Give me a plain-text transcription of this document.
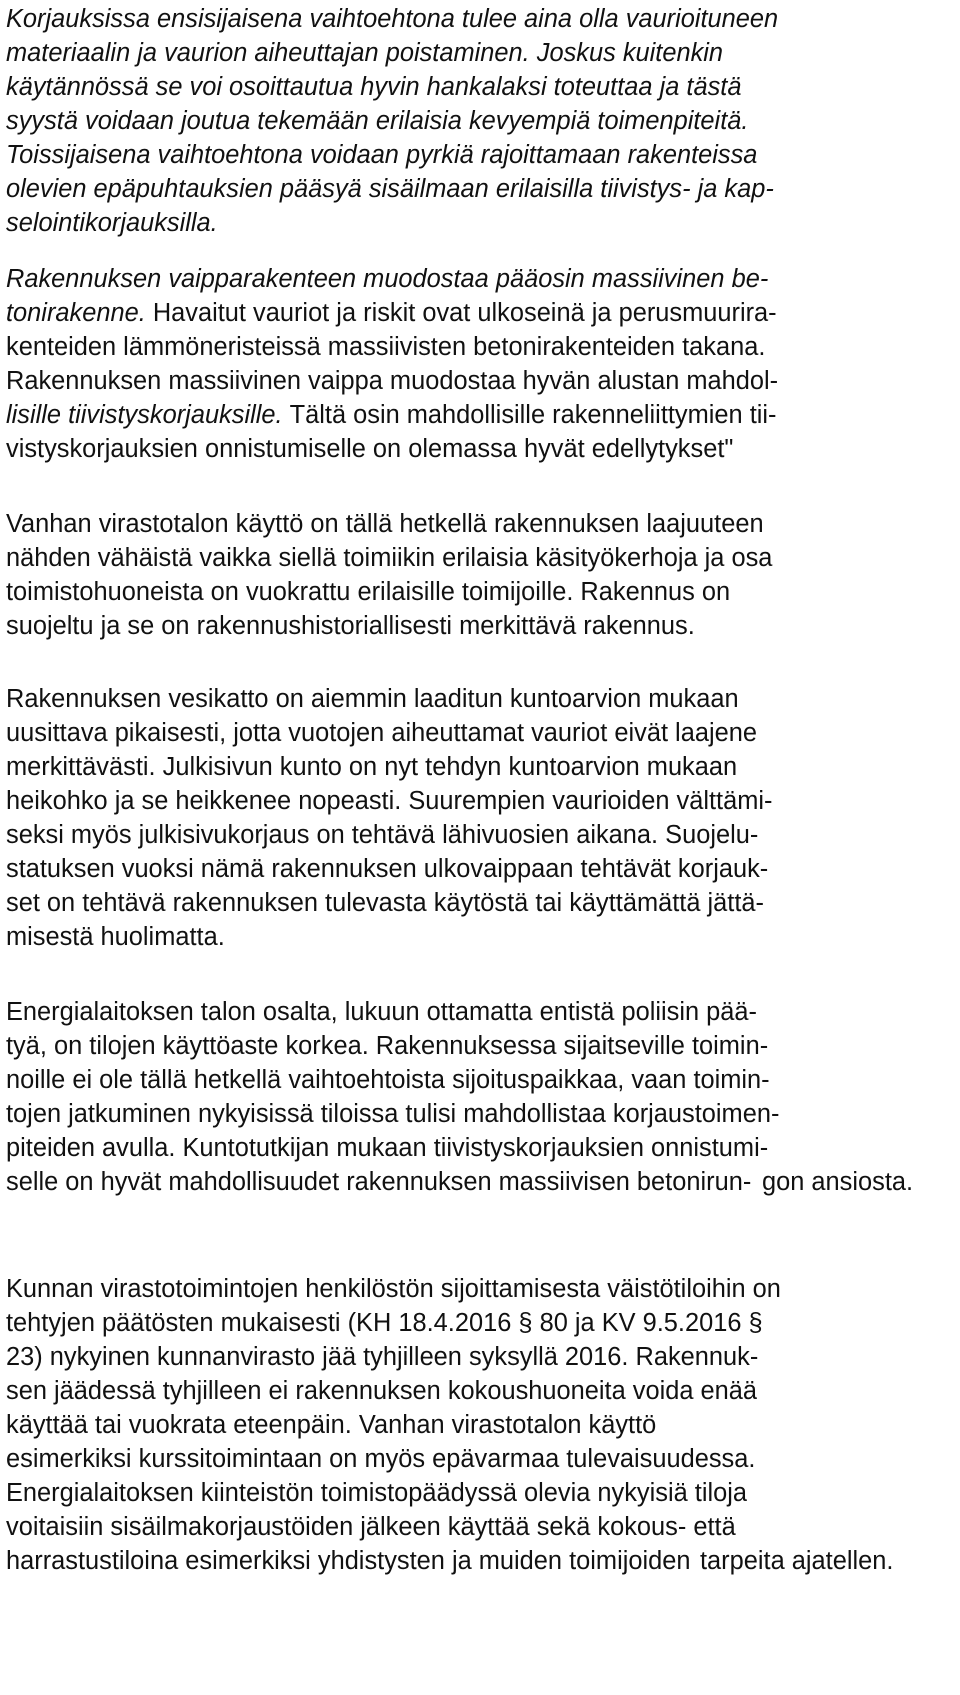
Korjauksissa ensisijaisena vaihtoehtona tulee aina olla vaurioituneen materiaalin ja vaurion aiheuttajan poistaminen. Joskus kuitenkin käytännössä se voi osoittautua hyvin hankalaksi toteuttaa ja tästä syystä voidaan joutua tekemään erilaisia kevyempiä toimenpiteitä. Toissijaisena vaihtoehtona voidaan pyrkiä rajoittamaan rakenteissa olevien epäpuhtauksien pääsyä sisäilmaan erilaisilla tiivistys- ja kap- selointikorjauksilla.
Rakennuksen vaipparakenteen muodostaa pääosin massiivinen be- tonirakenne. Havaitut vauriot ja riskit ovat ulkoseinä ja perusmuurira- kenteiden lämmöneristeissä massiivisten betonirakenteiden takana. Rakennuksen massiivinen vaippa muodostaa hyvän alustan mahdol- lisille tiivistyskorjauksille. Tältä osin mahdollisille rakenneliittymien tii- vistyskorjauksien onnistumiselle on olemassa hyvät edellytykset"
Vanhan virastotalon käyttö on tällä hetkellä rakennuksen laajuuteen nähden vähäistä vaikka siellä toimiikin erilaisia käsityökerhoja ja osa toimistohuoneista on vuokrattu erilaisille toimijoille. Rakennus on suojeltu ja se on rakennushistoriallisesti merkittävä rakennus.
Rakennuksen vesikatto on aiemmin laaditun kuntoarvion mukaan uusittava pikaisesti, jotta vuotojen aiheuttamat vauriot eivät laajene merkittävästi. Julkisivun kunto on nyt tehdyn kuntoarvion mukaan heikohko ja se heikkenee nopeasti. Suurempien vaurioiden välttämi- seksi myös julkisivukorjaus on tehtävä lähivuosien aikana. Suojelu- statuksen vuoksi nämä rakennuksen ulkovaippaan tehtävät korjauk- set on tehtävä rakennuksen tulevasta käytöstä tai käyttämättä jättä- misestä huolimatta.
Energialaitoksen talon osalta, lukuun ottamatta entistä poliisin pää- tyä, on tilojen käyttöaste korkea. Rakennuksessa sijaitseville toimin- noille ei ole tällä hetkellä vaihtoehtoista sijoituspaikkaa, vaan toimin- tojen jatkuminen nykyisissä tiloissa tulisi mahdollistaa korjaustoimen- piteiden avulla. Kuntotutkijan mukaan tiivistyskorjauksien onnistumi- selle on hyvät mahdollisuudet rakennuksen massiivisen betonirun- gon ansiosta.
Kunnan virastotoimintojen henkilöstön sijoittamisesta väistötiloihin on tehtyjen päätösten mukaisesti (KH 18.4.2016 § 80 ja KV 9.5.2016 § 23) nykyinen kunnanvirasto jää tyhjilleen syksyllä 2016. Rakennuk- sen jäädessä tyhjilleen ei rakennuksen kokoushuoneita voida enää käyttää tai vuokrata eteenpäin. Vanhan virastotalon käyttö esimerkiksi kurssitoimintaan on myös epävarmaa tulevaisuudessa. Energialaitoksen kiinteistön toimistopäädyssä olevia nykyisiä tiloja voitaisiin sisäilmakorjaustöiden jälkeen käyttää sekä kokous- että harrastustiloina esimerkiksi yhdistysten ja muiden toimijoiden tarpeita ajatellen.
